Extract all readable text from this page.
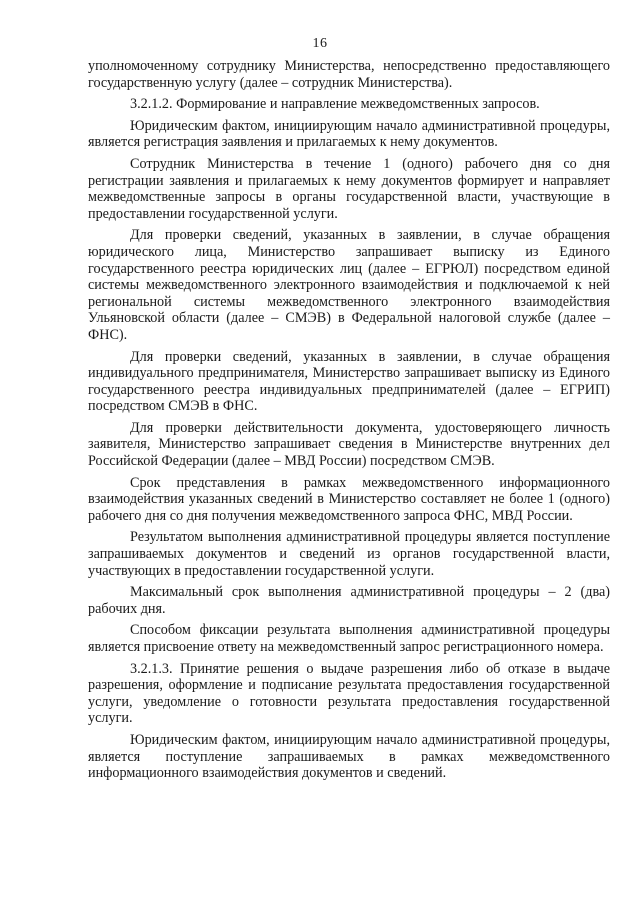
16

уполномоченному сотруднику Министерства, непосредственно предоставляющего государственную услугу (далее – сотрудник Министерства).

3.2.1.2. Формирование и направление межведомственных запросов.

Юридическим фактом, инициирующим начало административной процедуры, является регистрация заявления и прилагаемых к нему документов.

Сотрудник Министерства в течение 1 (одного) рабочего дня со дня регистрации заявления и прилагаемых к нему документов формирует и направляет межведомственные запросы в органы государственной власти, участвующие в предоставлении государственной услуги.

Для проверки сведений, указанных в заявлении, в случае обращения юридического лица, Министерство запрашивает выписку из Единого государственного реестра юридических лиц (далее – ЕГРЮЛ) посредством единой системы межведомственного электронного взаимодействия и подключаемой к ней региональной системы межведомственного электронного взаимодействия Ульяновской области (далее – СМЭВ) в Федеральной налоговой службе (далее – ФНС).

Для проверки сведений, указанных в заявлении, в случае обращения индивидуального предпринимателя, Министерство запрашивает выписку из Единого государственного реестра индивидуальных предпринимателей (далее – ЕГРИП) посредством СМЭВ в ФНС.

Для проверки действительности документа, удостоверяющего личность заявителя, Министерство запрашивает сведения в Министерстве внутренних дел Российской Федерации (далее – МВД России) посредством СМЭВ.

Срок представления в рамках межведомственного информационного взаимодействия указанных сведений в Министерство составляет не более 1 (одного) рабочего дня со дня получения межведомственного запроса ФНС, МВД России.

Результатом выполнения административной процедуры является поступление запрашиваемых документов и сведений из органов государственной власти, участвующих в предоставлении государственной услуги.

Максимальный срок выполнения административной процедуры – 2 (два) рабочих дня.

Способом фиксации результата выполнения административной процедуры является присвоение ответу на межведомственный запрос регистрационного номера.

3.2.1.3. Принятие решения о выдаче разрешения либо об отказе в выдаче разрешения, оформление и подписание результата предоставления государственной услуги, уведомление о готовности результата предоставления государственной услуги.

Юридическим фактом, инициирующим начало административной процедуры, является поступление запрашиваемых в рамках межведомственного информационного взаимодействия документов и сведений.
